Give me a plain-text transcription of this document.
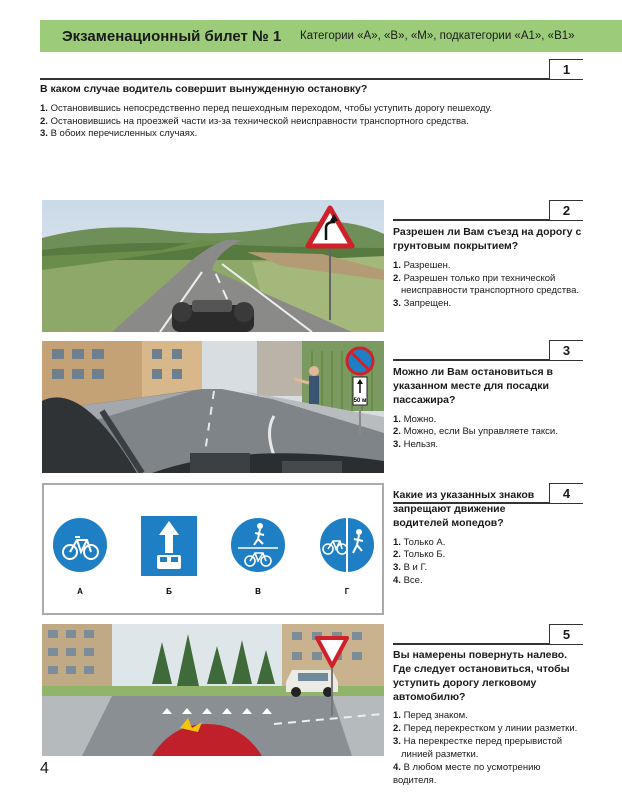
Экзаменационный билет № 1	Категории «А», «В», «М», подкатегории «А1», «В1»
1
В каком случае водитель совершит вынужденную остановку?
1. Остановившись непосредственно перед пешеходным переходом, чтобы уступить дорогу пешеходу.
2. Остановившись на проезжей части из-за технической неисправности транспортного средства.
3. В обоих перечисленных случаях.
2
Разрешен ли Вам съезд на дорогу с грунтовым покрытием?
1. Разрешен.
2. Разрешен только при технической неисправности транспортного средства.
3. Запрещен.
50 м
3
Можно ли Вам остановиться в указанном месте для посадки пассажира?
1. Можно.
2. Можно, если Вы управляете такси.
3. Нельзя.
А	Б	В	Г
4
Какие из указанных знаков запрещают движение водителей мопедов?
1. Только А.
2. Только Б.
3. В и Г.
4. Все.
5
Вы намерены повернуть налево. Где следует остановиться, чтобы уступить дорогу легковому автомобилю?
1. Перед знаком.
2. Перед перекрестком у линии разметки.
3. На перекрестке перед прерывистой линией разметки.
4. В любом месте по усмотрению водителя.
4
